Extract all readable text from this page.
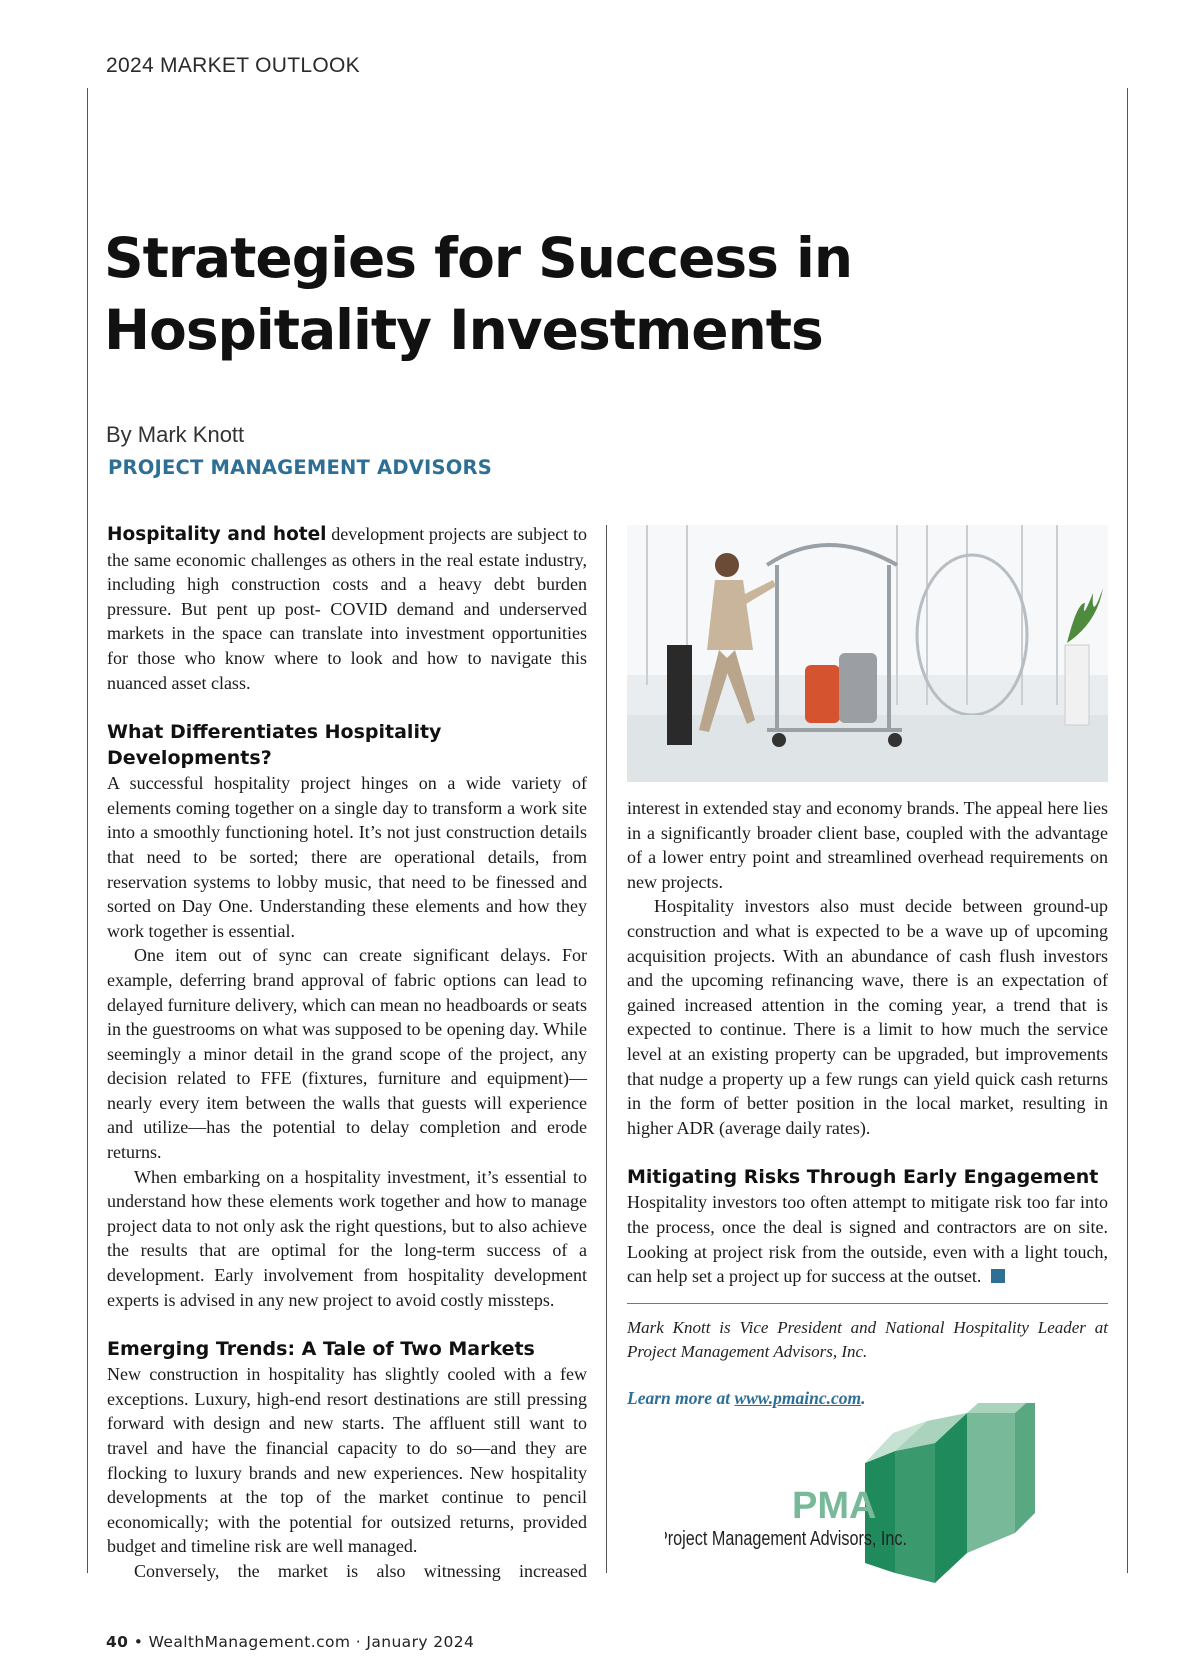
2024 MARKET OUTLOOK
Strategies for Success in Hospitality Investments
By Mark Knott
PROJECT MANAGEMENT ADVISORS

Hospitality and hotel development projects are subject to the same economic challenges as others in the real estate industry, including high construction costs and a heavy debt burden pressure. But pent up post- COVID demand and underserved markets in the space can translate into investment opportunities for those who know where to look and how to navigate this nuanced asset class.

What Differentiates Hospitality Developments?

A successful hospitality project hinges on a wide variety of elements coming together on a single day to transform a work site into a smoothly functioning hotel. It’s not just construction details that need to be sorted; there are operational details, from reservation systems to lobby music, that need to be finessed and sorted on Day One. Understanding these elements and how they work together is essential.

One item out of sync can create significant delays. For example, deferring brand approval of fabric options can lead to delayed furniture delivery, which can mean no headboards or seats in the guestrooms on what was supposed to be opening day. While seemingly a minor detail in the grand scope of the project, any decision related to FFE (fixtures, furniture and equipment)—nearly every item between the walls that guests will experience and utilize—has the potential to delay completion and erode returns.

When embarking on a hospitality investment, it’s essential to understand how these elements work together and how to manage project data to not only ask the right questions, but to also achieve the results that are optimal for the long-term success of a development. Early involvement from hospitality development experts is advised in any new project to avoid costly missteps.

Emerging Trends: A Tale of Two Markets

New construction in hospitality has slightly cooled with a few exceptions. Luxury, high-end resort destinations are still pressing forward with design and new starts. The affluent still want to travel and have the financial capacity to do so—and they are flocking to luxury brands and new experiences. New hospitality developments at the top of the market continue to pencil economically; with the potential for outsized returns, provided budget and timeline risk are well managed.

Conversely, the market is also witnessing increased

interest in extended stay and economy brands. The appeal here lies in a significantly broader client base, coupled with the advantage of a lower entry point and streamlined overhead requirements on new projects.

Hospitality investors also must decide between ground-up construction and what is expected to be a wave up of upcoming acquisition projects. With an abundance of cash flush investors and the upcoming refinancing wave, there is an expectation of gained increased attention in the coming year, a trend that is expected to continue. There is a limit to how much the service level at an existing property can be upgraded, but improvements that nudge a property up a few rungs can yield quick cash returns in the form of better position in the local market, resulting in higher ADR (average daily rates).

Mitigating Risks Through Early Engagement

Hospitality investors too often attempt to mitigate risk too far into the process, once the deal is signed and contractors are on site. Looking at project risk from the outside, even with a light touch, can help set a project up for success at the outset.

Mark Knott is Vice President and National Hospitality Leader at Project Management Advisors, Inc.

Learn more at www.pmainc.com.

PMA
Project Management Advisors, Inc.
40 • WealthManagement.com · January 2024
